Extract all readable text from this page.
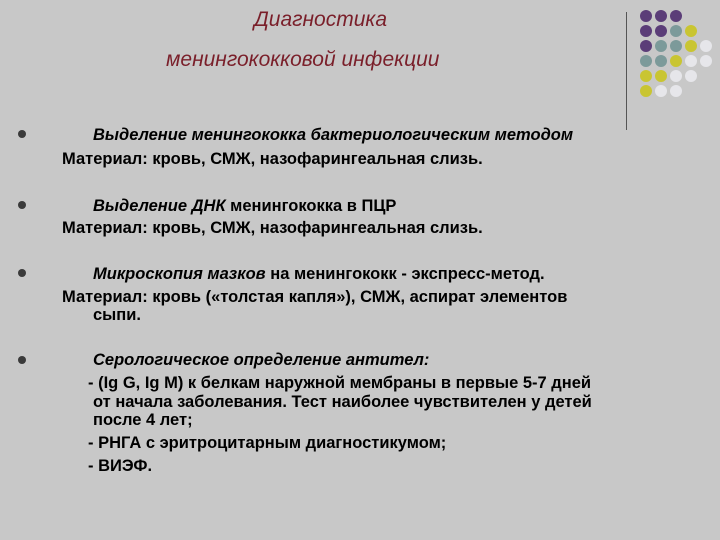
Диагностика
менингококковой инфекции
Выделение менингококка бактериологическим методом
Материал: кровь, СМЖ, назофарингеальная слизь.
Выделение ДНК менингококка в ПЦР
Материал: кровь, СМЖ, назофарингеальная слизь.
Микроскопия мазков на менингококк - экспресс-метод.
Материал: кровь («толстая капля»), СМЖ, аспират элементов
сыпи.
Серологическое определение антител:
- (Ig G, Ig M) к белкам наружной мембраны в первые 5-7 дней
от начала заболевания. Тест наиболее чувствителен у детей
после 4 лет;
- РНГА с эритроцитарным диагностикумом;
- ВИЭФ.
